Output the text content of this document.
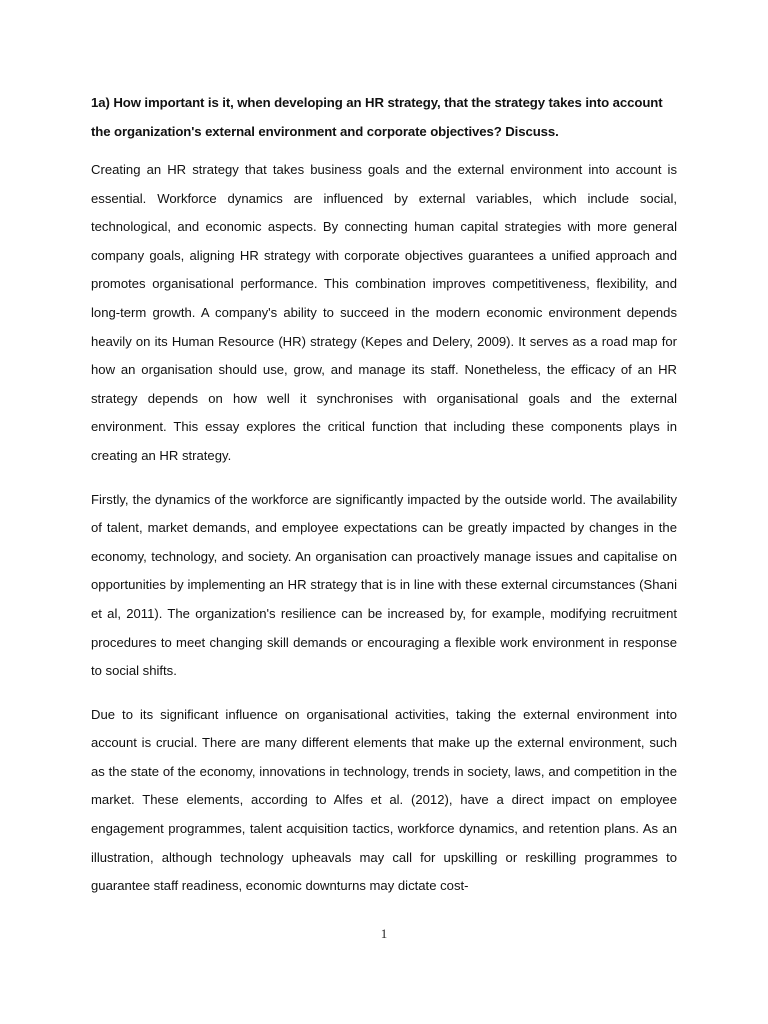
1a) How important is it, when developing an HR strategy, that the strategy takes into account the organization's external environment and corporate objectives? Discuss.

Creating an HR strategy that takes business goals and the external environment into account is essential. Workforce dynamics are influenced by external variables, which include social, technological, and economic aspects. By connecting human capital strategies with more general company goals, aligning HR strategy with corporate objectives guarantees a unified approach and promotes organisational performance. This combination improves competitiveness, flexibility, and long-term growth. A company's ability to succeed in the modern economic environment depends heavily on its Human Resource (HR) strategy (Kepes and Delery, 2009). It serves as a road map for how an organisation should use, grow, and manage its staff. Nonetheless, the efficacy of an HR strategy depends on how well it synchronises with organisational goals and the external environment. This essay explores the critical function that including these components plays in creating an HR strategy.

Firstly, the dynamics of the workforce are significantly impacted by the outside world. The availability of talent, market demands, and employee expectations can be greatly impacted by changes in the economy, technology, and society. An organisation can proactively manage issues and capitalise on opportunities by implementing an HR strategy that is in line with these external circumstances (Shani et al, 2011). The organization's resilience can be increased by, for example, modifying recruitment procedures to meet changing skill demands or encouraging a flexible work environment in response to social shifts.

Due to its significant influence on organisational activities, taking the external environment into account is crucial. There are many different elements that make up the external environment, such as the state of the economy, innovations in technology, trends in society, laws, and competition in the market. These elements, according to Alfes et al. (2012), have a direct impact on employee engagement programmes, talent acquisition tactics, workforce dynamics, and retention plans. As an illustration, although technology upheavals may call for upskilling or reskilling programmes to guarantee staff readiness, economic downturns may dictate cost-

1
